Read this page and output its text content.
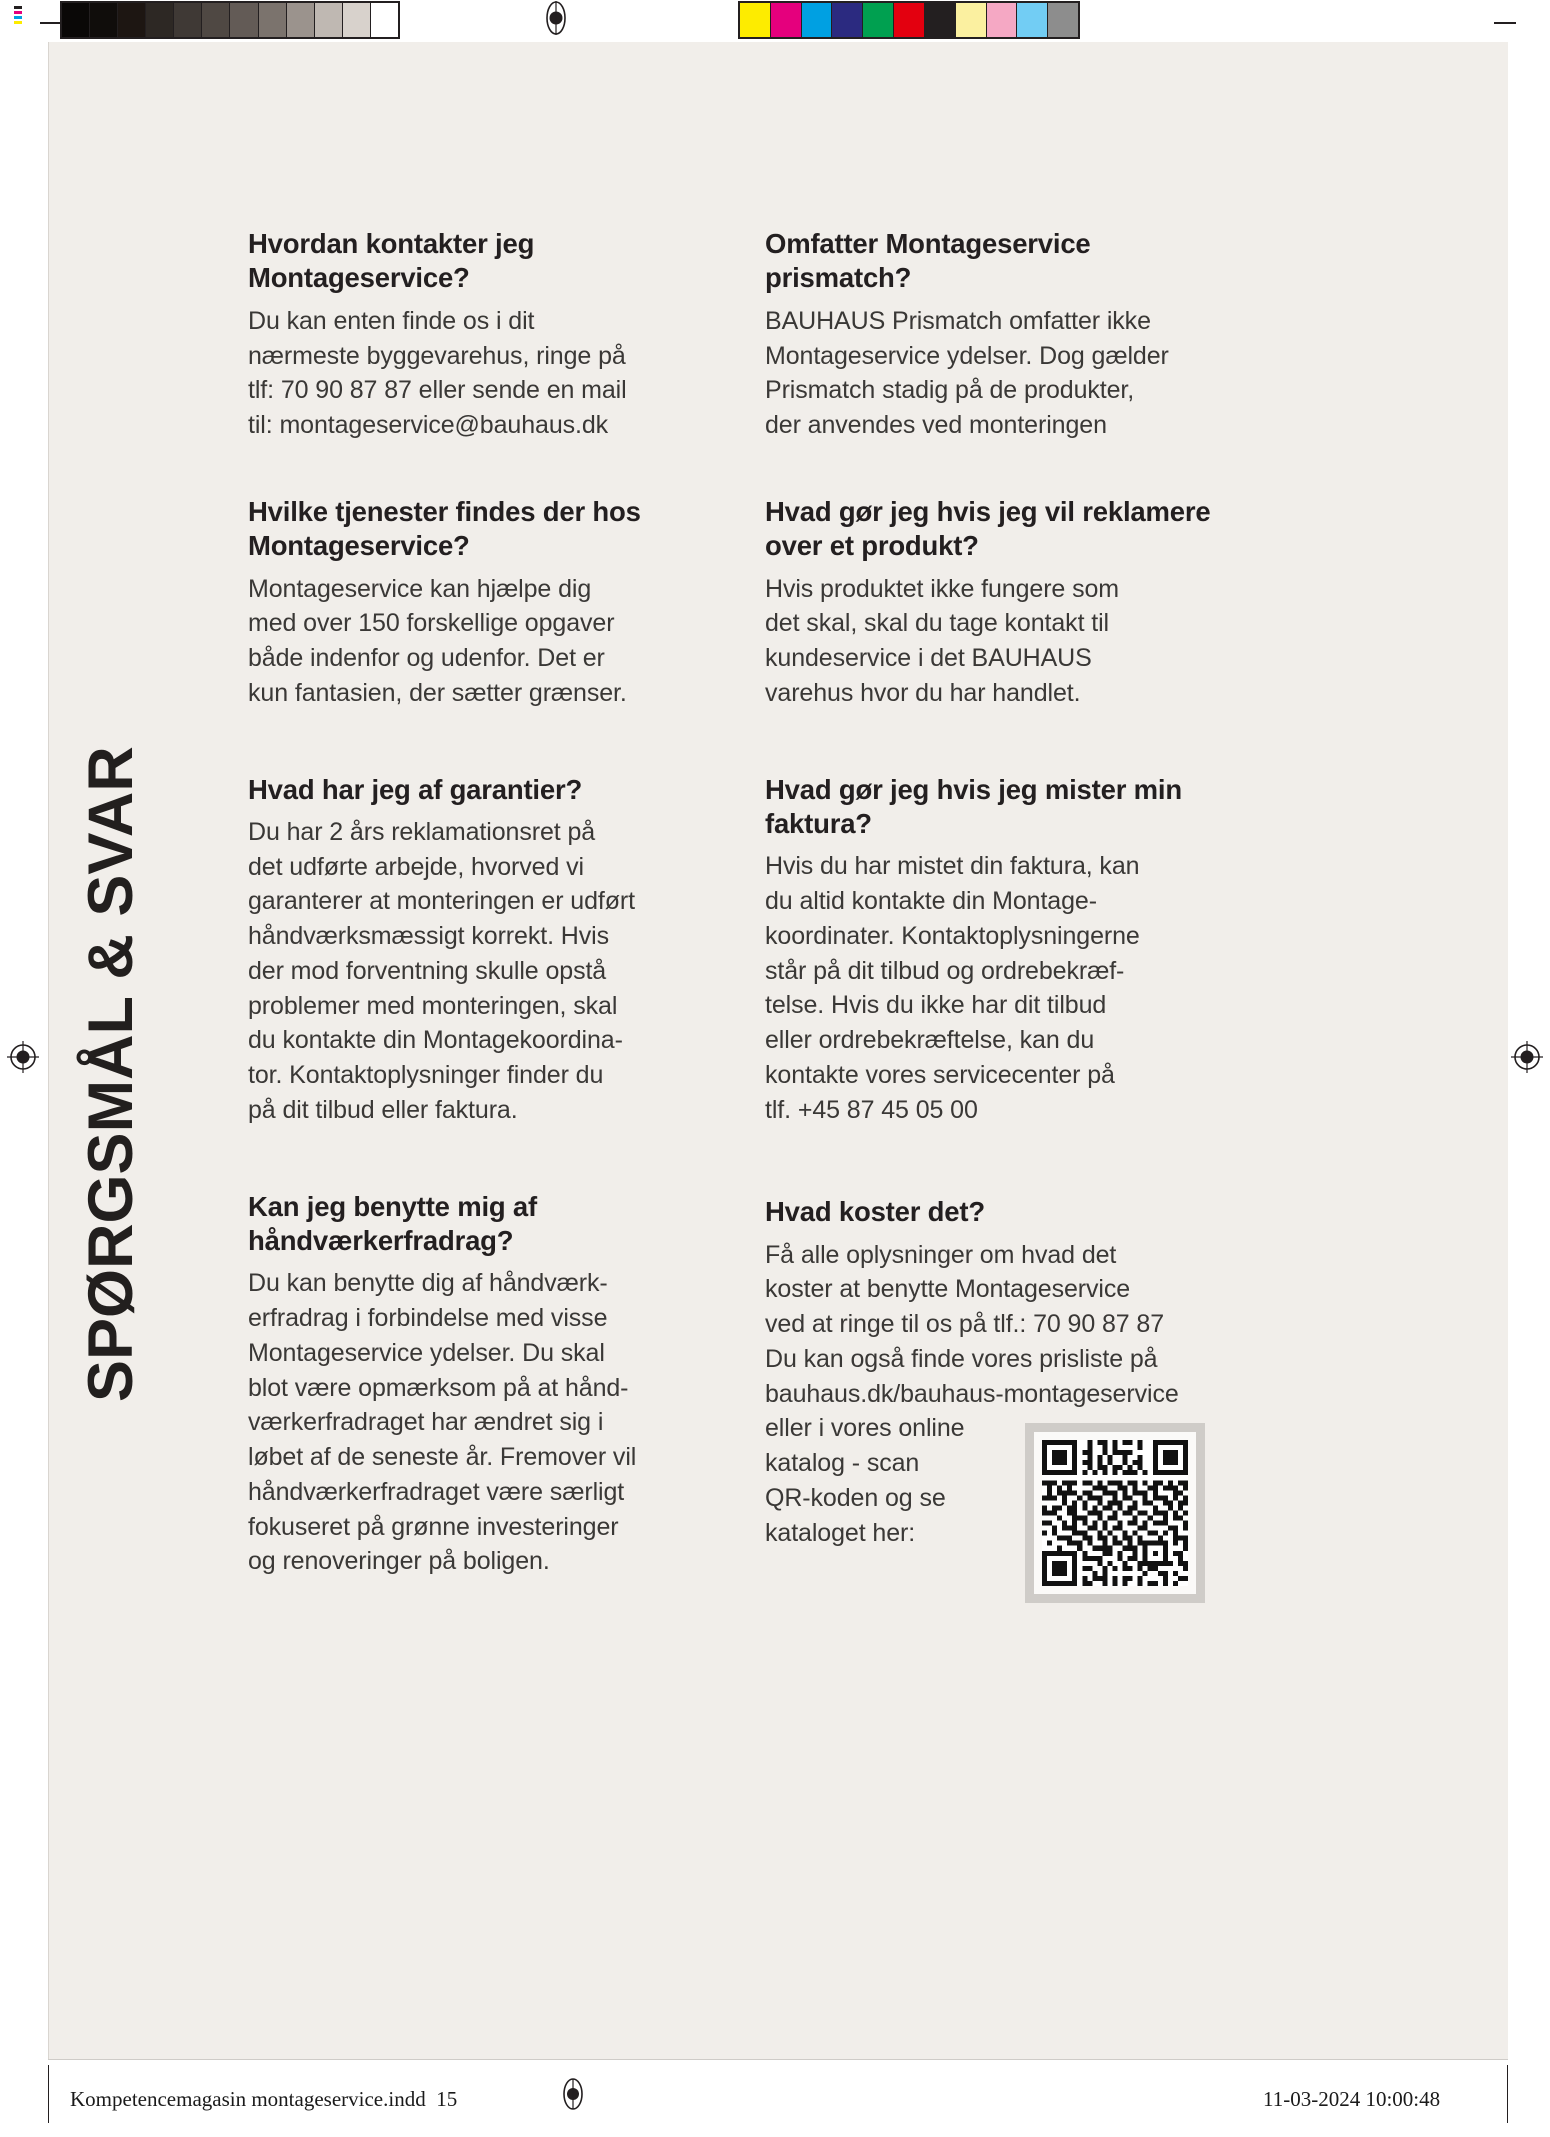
SPØRGSMÅL & SVAR
Hvordan kontakter jeg Montageservice?

Du kan enten finde os i dit
nærmeste byggevarehus, ringe på
tlf: 70 90 87 87 eller sende en mail
til: montageservice@bauhaus.dk

Hvilke tjenester findes der hos Montageservice?

Montageservice kan hjælpe dig
med over 150 forskellige opgaver
både indenfor og udenfor. Det er
kun fantasien, der sætter grænser.

Hvad har jeg af garantier?

Du har 2 års reklamationsret på
det udførte arbejde, hvorved vi
garanterer at monteringen er udført
håndværksmæssigt korrekt. Hvis
der mod forventning skulle opstå
problemer med monteringen, skal
du kontakte din Montagekoordina-
tor. Kontaktoplysninger finder du
på dit tilbud eller faktura.

Kan jeg benytte mig af håndværkerfradrag?

Du kan benytte dig af håndværk-
erfradrag i forbindelse med visse
Montageservice ydelser. Du skal
blot være opmærksom på at hånd-
værkerfradraget har ændret sig i
løbet af de seneste år. Fremover vil
håndværkerfradraget være særligt
fokuseret på grønne investeringer
og renoveringer på boligen.

Omfatter Montageservice prismatch?

BAUHAUS Prismatch omfatter ikke
Montageservice ydelser. Dog gælder
Prismatch stadig på de produkter,
der anvendes ved monteringen

Hvad gør jeg hvis jeg vil reklamere over et produkt?

Hvis produktet ikke fungere som
det skal, skal du tage kontakt til
kundeservice i det BAUHAUS
varehus hvor du har handlet.

Hvad gør jeg hvis jeg mister min faktura?

Hvis du har mistet din faktura, kan
du altid kontakte din Montage-
koordinater. Kontaktoplysningerne
står på dit tilbud og ordrebekræf-
telse. Hvis du ikke har dit tilbud
eller ordrebekræftelse, kan du
kontakte vores servicecenter på
tlf. +45 87 45 05 00

Hvad koster det?

Få alle oplysninger om hvad det
koster at benytte Montageservice
ved at ringe til os på tlf.: 70 90 87 87
Du kan også finde vores prisliste på
bauhaus.dk/bauhaus-montageservice

eller i vores online
katalog - scan
QR-koden og se
kataloget her:

Kompetencemagasin montageservice.indd 15	11-03-2024 10:00:48
